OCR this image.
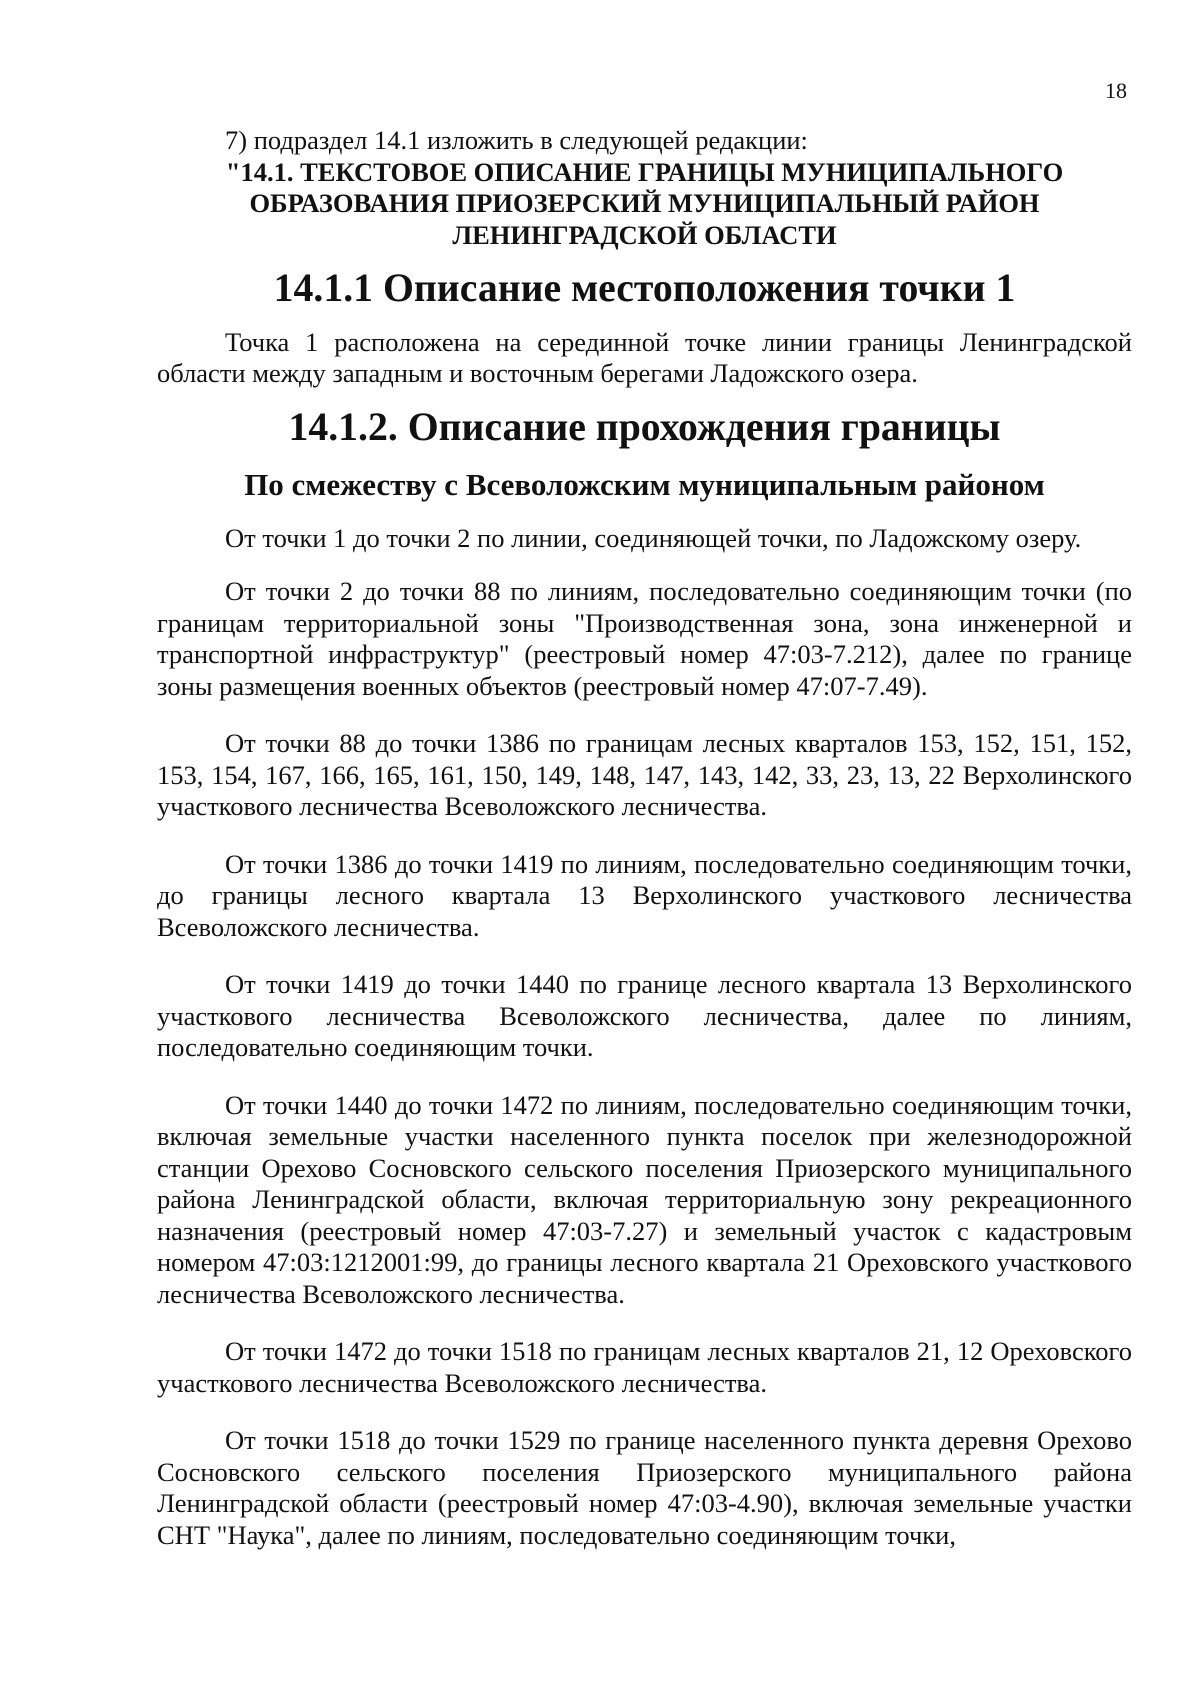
18

7) подраздел 14.1 изложить в следующей редакции:

"14.1. ТЕКСТОВОЕ ОПИСАНИЕ ГРАНИЦЫ МУНИЦИПАЛЬНОГО ОБРАЗОВАНИЯ ПРИОЗЕРСКИЙ МУНИЦИПАЛЬНЫЙ РАЙОН ЛЕНИНГРАДСКОЙ ОБЛАСТИ
14.1.1 Описание местоположения точки 1

Точка 1 расположена на серединной точке линии границы Ленинградской области между западным и восточным берегами Ладожского озера.

14.1.2. Описание прохождения границы
По смежеству с Всеволожским муниципальным районом

От точки 1 до точки 2 по линии, соединяющей точки, по Ладожскому озеру.

От точки 2 до точки 88 по линиям, последовательно соединяющим точки (по границам территориальной зоны "Производственная зона, зона инженерной и транспортной инфраструктур" (реестровый номер 47:03-7.212), далее по границе зоны размещения военных объектов (реестровый номер 47:07-7.49).

От точки 88 до точки 1386 по границам лесных кварталов 153, 152, 151, 152, 153, 154, 167, 166, 165, 161, 150, 149, 148, 147, 143, 142, 33, 23, 13, 22 Верхолинского участкового лесничества Всеволожского лесничества.

От точки 1386 до точки 1419 по линиям, последовательно соединяющим точки, до границы лесного квартала 13 Верхолинского участкового лесничества Всеволожского лесничества.

От точки 1419 до точки 1440 по границе лесного квартала 13 Верхолинского участкового лесничества Всеволожского лесничества, далее по линиям, последовательно соединяющим точки.

От точки 1440 до точки 1472 по линиям, последовательно соединяющим точки, включая земельные участки населенного пункта поселок при железнодорожной станции Орехово Сосновского сельского поселения Приозерского муниципального района Ленинградской области, включая территориальную зону рекреационного назначения (реестровый номер 47:03-7.27) и земельный участок с кадастровым номером 47:03:1212001:99, до границы лесного квартала 21 Ореховского участкового лесничества Всеволожского лесничества.

От точки 1472 до точки 1518 по границам лесных кварталов 21, 12 Ореховского участкового лесничества Всеволожского лесничества.

От точки 1518 до точки 1529 по границе населенного пункта деревня Орехово Сосновского сельского поселения Приозерского муниципального района Ленинградской области (реестровый номер 47:03-4.90), включая земельные участки СНТ "Наука", далее по линиям, последовательно соединяющим точки,
